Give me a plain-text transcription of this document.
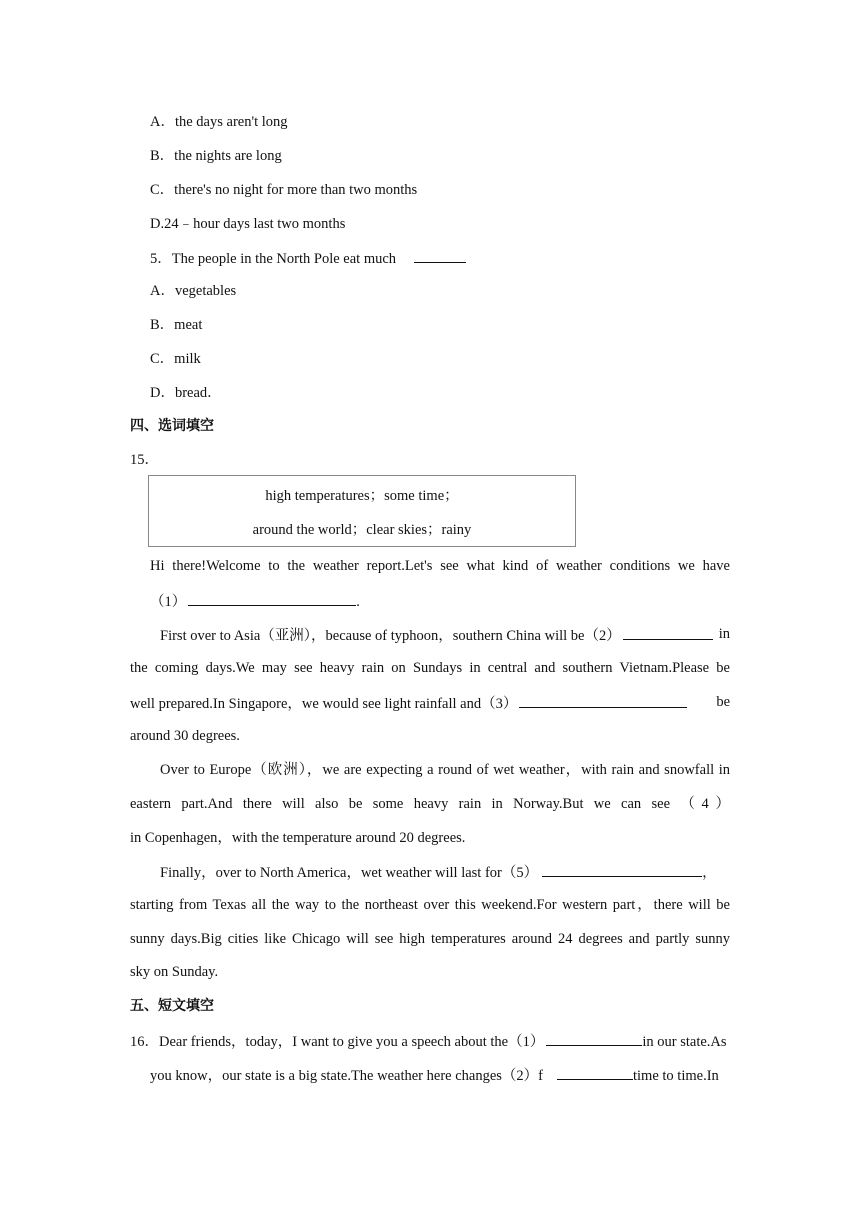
A．the days aren't long
B．the nights are long
C．there's no night for more than two months
D.24﹣hour days last two months
5．The people in the North Pole eat much
A．vegetables
B．meat
C．milk
D．bread．
四、选词填空
15．
high temperatures；some time；
around the world；clear skies；rainy
Hi there!Welcome to the weather report.Let's see what kind of weather conditions we have
（1）	.
First over to Asia（亚洲），because of typhoon，southern China will be（2）	in
the coming days.We may see heavy rain on Sundays in central and southern Vietnam.Please be
well prepared.In Singapore，we would see light rainfall and（3）	be
around 30 degrees.
Over to Europe（欧洲），we are expecting a round of wet weather，with rain and snowfall in
eastern part.And there will also be some heavy rain in Norway.But we can see （4）
in Copenhagen，with the temperature around 20 degrees.
Finally，over to North America，wet weather will last for（5）	，
starting from Texas all the way to the northeast over this weekend.For western part，there will be
sunny days.Big cities like Chicago will see high temperatures around 24 degrees and partly sunny
sky on Sunday.
五、短文填空
16．Dear friends，today，I want to give you a speech about the（1）	in our state.As
you know，our state is a big state.The weather here changes（2）f	time to time.In
